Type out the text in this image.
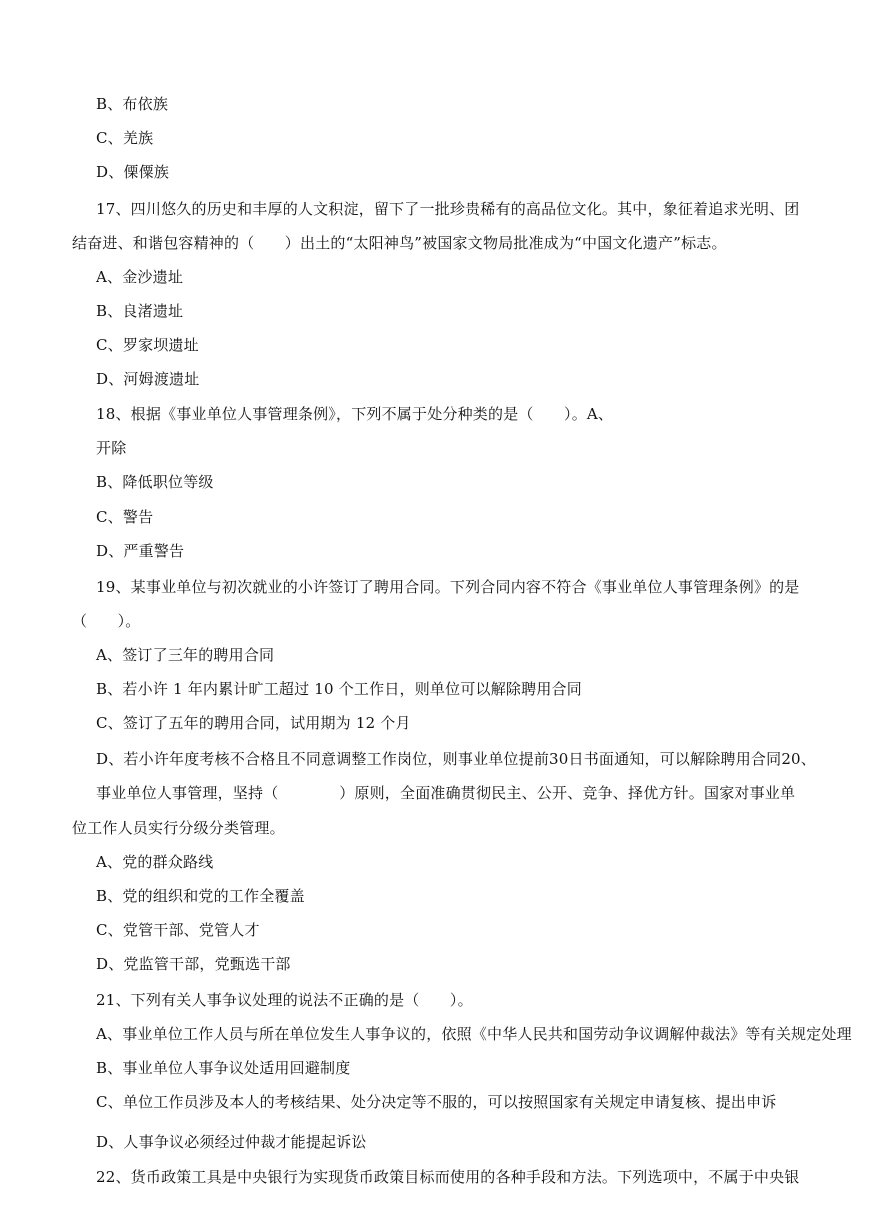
B、布依族
C、羌族
D、傈僳族
17、四川悠久的历史和丰厚的人文积淀，留下了一批珍贵稀有的高品位文化。其中，象征着追求光明、团
结奋进、和谐包容精神的（　　）出土的“太阳神鸟”被国家文物局批准成为“中国文化遗产”标志。
A、金沙遗址
B、良渚遗址
C、罗家坝遗址
D、河姆渡遗址
18、根据《事业单位人事管理条例》，下列不属于处分种类的是（　　）。A、
开除
B、降低职位等级
C、警告
D、严重警告
19、某事业单位与初次就业的小许签订了聘用合同。下列合同内容不符合《事业单位人事管理条例》的是
（　　）。
A、签订了三年的聘用合同
B、若小许 1 年内累计旷工超过 10 个工作日，则单位可以解除聘用合同
C、签订了五年的聘用合同，试用期为 12 个月
D、若小许年度考核不合格且不同意调整工作岗位，则事业单位提前30日书面通知，可以解除聘用合同20、
事业单位人事管理，坚持（　　　　）原则，全面准确贯彻民主、公开、竞争、择优方针。国家对事业单
位工作人员实行分级分类管理。
A、党的群众路线
B、党的组织和党的工作全覆盖
C、党管干部、党管人才
D、党监管干部，党甄选干部
21、下列有关人事争议处理的说法不正确的是（　　）。
A、事业单位工作人员与所在单位发生人事争议的，依照《中华人民共和国劳动争议调解仲裁法》等有关规定处理
B、事业单位人事争议处适用回避制度
C、单位工作员涉及本人的考核结果、处分决定等不服的，可以按照国家有关规定申请复核、提出申诉
D、人事争议必须经过仲裁才能提起诉讼
22、货币政策工具是中央银行为实现货币政策目标而使用的各种手段和方法。下列选项中，不属于中央银
